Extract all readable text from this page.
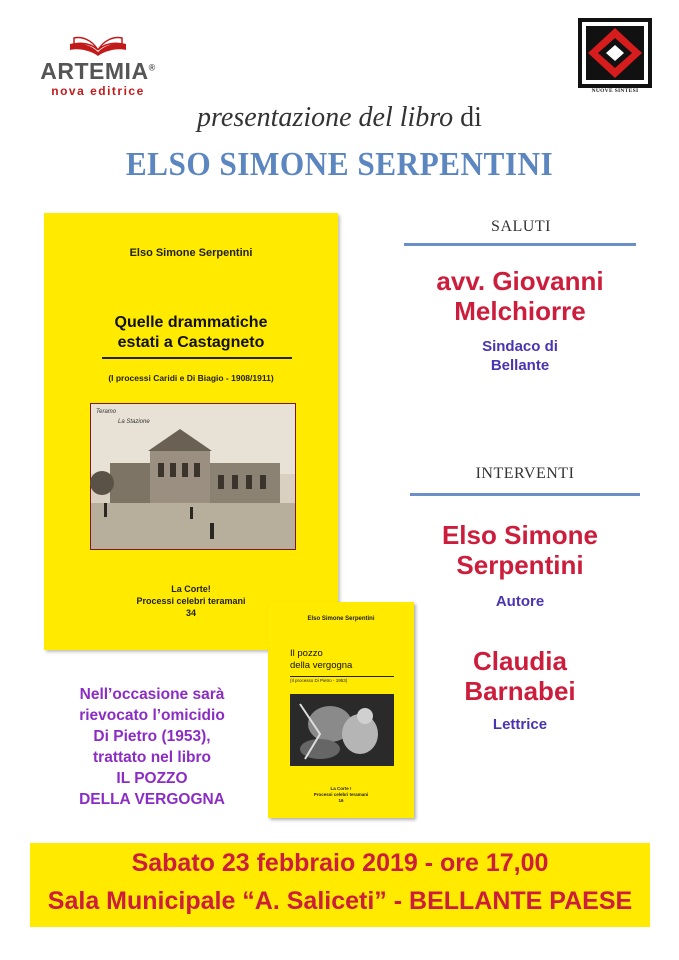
ARTEMIA®
nova editrice	NUOVE SINTESI
presentazione del libro di
ELSO SIMONE SERPENTINI
Elso Simone Serpentini
Quelle drammatiche
estati a Castagneto
(I processi Caridi e Di Biagio - 1908/1911)
Teramo
La Stazione
La Corte!
Processi celebri teramani
34
Elso Simone Serpentini
Il pozzo
della vergogna
(Il processo Di Pietro - 1953)
La Corte !
Processi celebri teramani
16
SALUTI
avv. Giovanni
Melchiorre
Sindaco di
Bellante
INTERVENTI
Elso Simone
Serpentini
Autore
Claudia
Barnabei
Lettrice
Nell’occasione sarà
rievocato l’omicidio
Di Pietro (1953),
trattato nel libro
IL POZZO
DELLA VERGOGNA
Sabato 23 febbraio 2019 - ore 17,00
Sala Municipale “A. Saliceti” - BELLANTE PAESE
